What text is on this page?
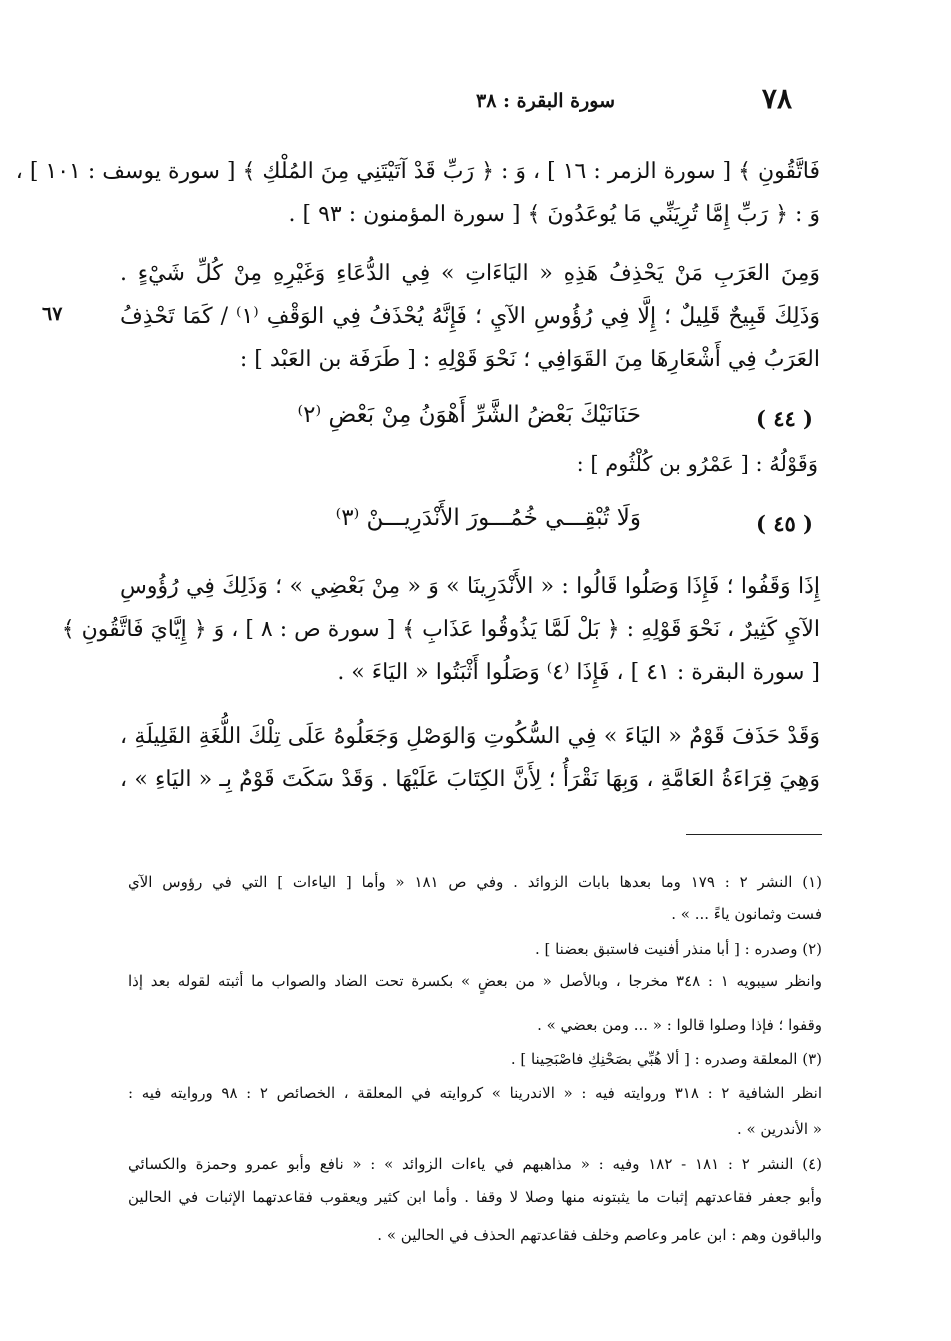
٧٨
سورة البقرة : ٣٨
فَاتَّقُونِ ﴾ [ سورة الزمر : ١٦ ] ، وَ : ﴿ رَبِّ قَدْ آتَيْتَنِي مِنَ المُلْكِ ﴾ [ سورة يوسف : ١٠١ ] ،
وَ : ﴿ رَبِّ إِمَّا تُرِيَنِّي مَا يُوعَدُونَ ﴾ [ سورة المؤمنون : ٩٣ ] .
وَمِنَ العَرَبِ مَنْ يَحْذِفُ هَذِهِ « اليَاءَاتِ » فِي الدُّعَاءِ وَغَيْرِهِ مِنْ كُلِّ شَيْءٍ .
وَذَلِكَ قَبِيحٌ قَلِيلٌ ؛ إِلَّا فِي رُؤُوسِ الآيِ ؛ فَإِنَّهُ يُحْذَفُ فِي الوَقْفِ ⁽١⁾ / كَمَا تَحْذِفُ
العَرَبُ فِي أَشْعَارِهَا مِنَ القَوَافِي ؛ نَحْوَ قَوْلِهِ : [ طَرَفَة بن العَبْد ] :
٦٧
( ٤٤ )
حَنَانَيْكَ بَعْضُ الشَّرِّ أَهْوَنُ مِنْ بَعْضِ ⁽٢⁾
وَقَوْلُهُ : [ عَمْرُو بن كُلْثُوم ] :
( ٤٥ )
وَلَا تُبْقِـــي خُمُـــورَ الأَنْدَرِيـــنْ ⁽٣⁾
إِذَا وَقَفُوا ؛ فَإِذَا وَصَلُوا قَالُوا : « الأَنْدَرِينَا » وَ « مِنْ بَعْضِي » ؛ وَذَلِكَ فِي رُؤُوسِ
الآيِ كَثِيرٌ ، نَحْوَ قَوْلِهِ : ﴿ بَلْ لَمَّا يَذُوقُوا عَذَابِ ﴾ [ سورة ص : ٨ ] ، وَ ﴿ إِيَّايَ فَاتَّقُونِ ﴾
[ سورة البقرة : ٤١ ] ، فَإِذَا ⁽٤⁾ وَصَلُوا أَثْبَتُوا « اليَاءَ » .
وَقَدْ حَذَفَ قَوْمٌ « اليَاءَ » فِي السُّكُوتِ وَالوَصْلِ وَجَعَلُوهُ عَلَى تِلْكَ اللُّغَةِ القَلِيلَةِ ،
وَهِيَ قِرَاءَةُ العَامَّةِ ، وَبِهَا نَقْرَأُ ؛ لِأَنَّ الكِتَابَ عَلَيْهَا . وَقَدْ سَكَتَ قَوْمٌ بِـ « اليَاءِ » ،
(١) النشر ٢ : ١٧٩ وما بعدها بابات الزوائد . وفي ص ١٨١ « وأما [ الياءات ] التي في رؤوس الآي
فست وثمانون ياءً ... » .
(٢) وصدره : [ أبا منذر أفنيت فاستبق بعضنا ] .
وانظر سيبويه ١ : ٣٤٨ مخرجا ، وبالأصل « من بعضٍ » بكسرة تحت الضاد والصواب ما أثبته لقوله بعد إذا
وقفوا ؛ فإذا وصلوا قالوا : « ... ومن بعضي » .
(٣) المعلقة وصدره : [ ألا هُبِّي بصَحْنِكِ فاصْبَحِينا ] .
انظر الشافية ٢ : ٣١٨ وروايته فيه : « الاندرينا » كروايته في المعلقة ، الخصائص ٢ : ٩٨ وروايته فيه :
« الأندرين » .
(٤) النشر ٢ : ١٨١ - ١٨٢ وفيه : « مذاهبهم في ياءات الزوائد » : « نافع وأبو عمرو وحمزة والكسائي
وأبو جعفر فقاعدتهم إثبات ما يثبتونه منها وصلا لا وقفا . وأما ابن كثير ويعقوب فقاعدتهما الإثبات في الحالين
والباقون وهم : ابن عامر وعاصم وخلف فقاعدتهم الحذف في الحالين » .
